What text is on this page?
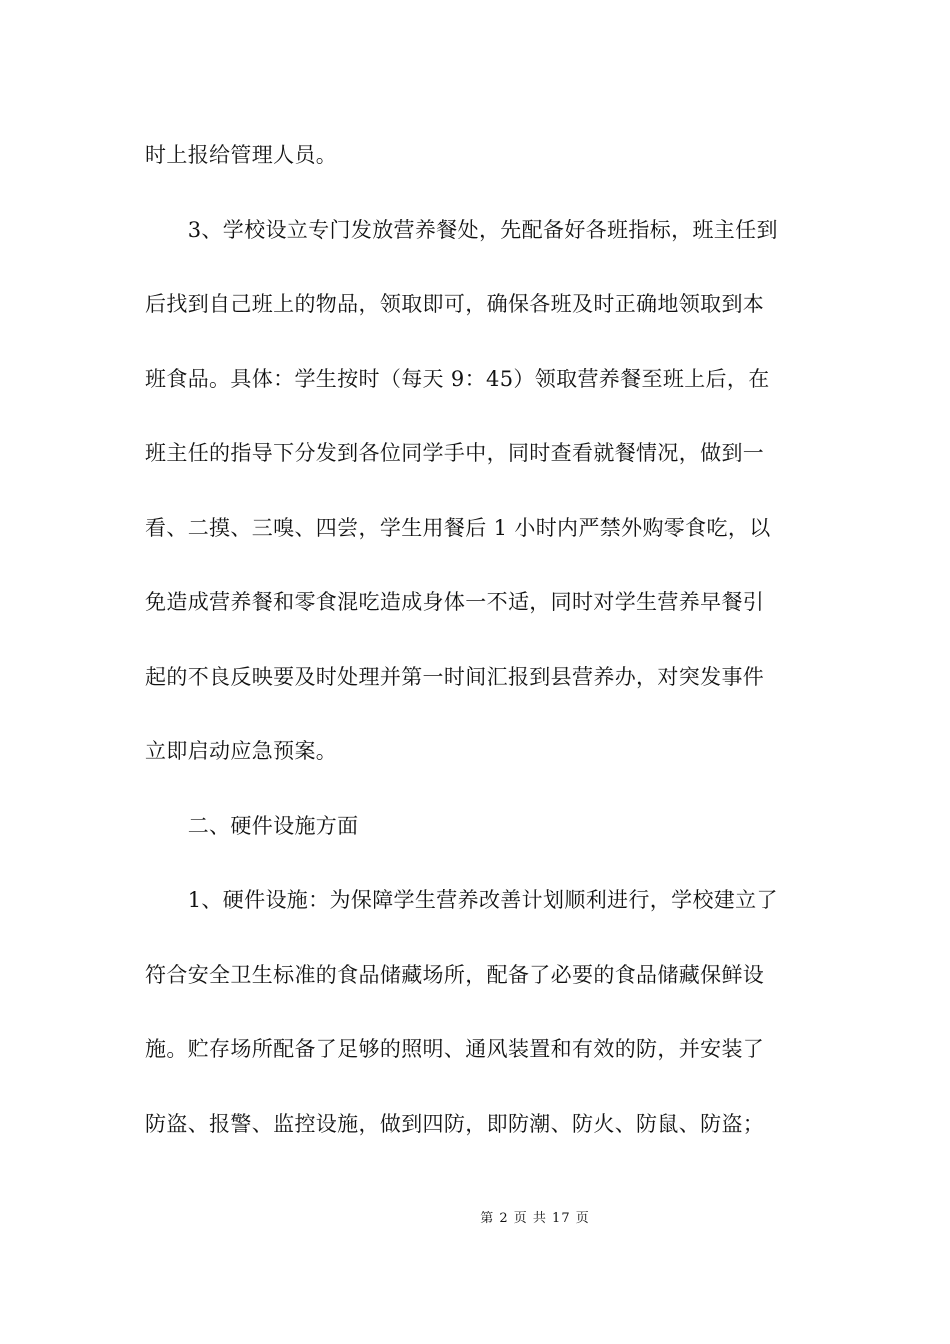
时上报给管理人员。
　　3、学校设立专门发放营养餐处，先配备好各班指标，班主任到
后找到自己班上的物品，领取即可，确保各班及时正确地领取到本
班食品。具体：学生按时（每天 9：45）领取营养餐至班上后，在
班主任的指导下分发到各位同学手中，同时查看就餐情况，做到一
看、二摸、三嗅、四尝，学生用餐后 1 小时内严禁外购零食吃，以
免造成营养餐和零食混吃造成身体一不适，同时对学生营养早餐引
起的不良反映要及时处理并第一时间汇报到县营养办，对突发事件
立即启动应急预案。
　　二、硬件设施方面
　　1、硬件设施：为保障学生营养改善计划顺利进行，学校建立了
符合安全卫生标准的食品储藏场所，配备了必要的食品储藏保鲜设
施。贮存场所配备了足够的照明、通风装置和有效的防，并安装了
防盗、报警、监控设施，做到四防，即防潮、防火、防鼠、防盗；
第 2 页 共 17 页
